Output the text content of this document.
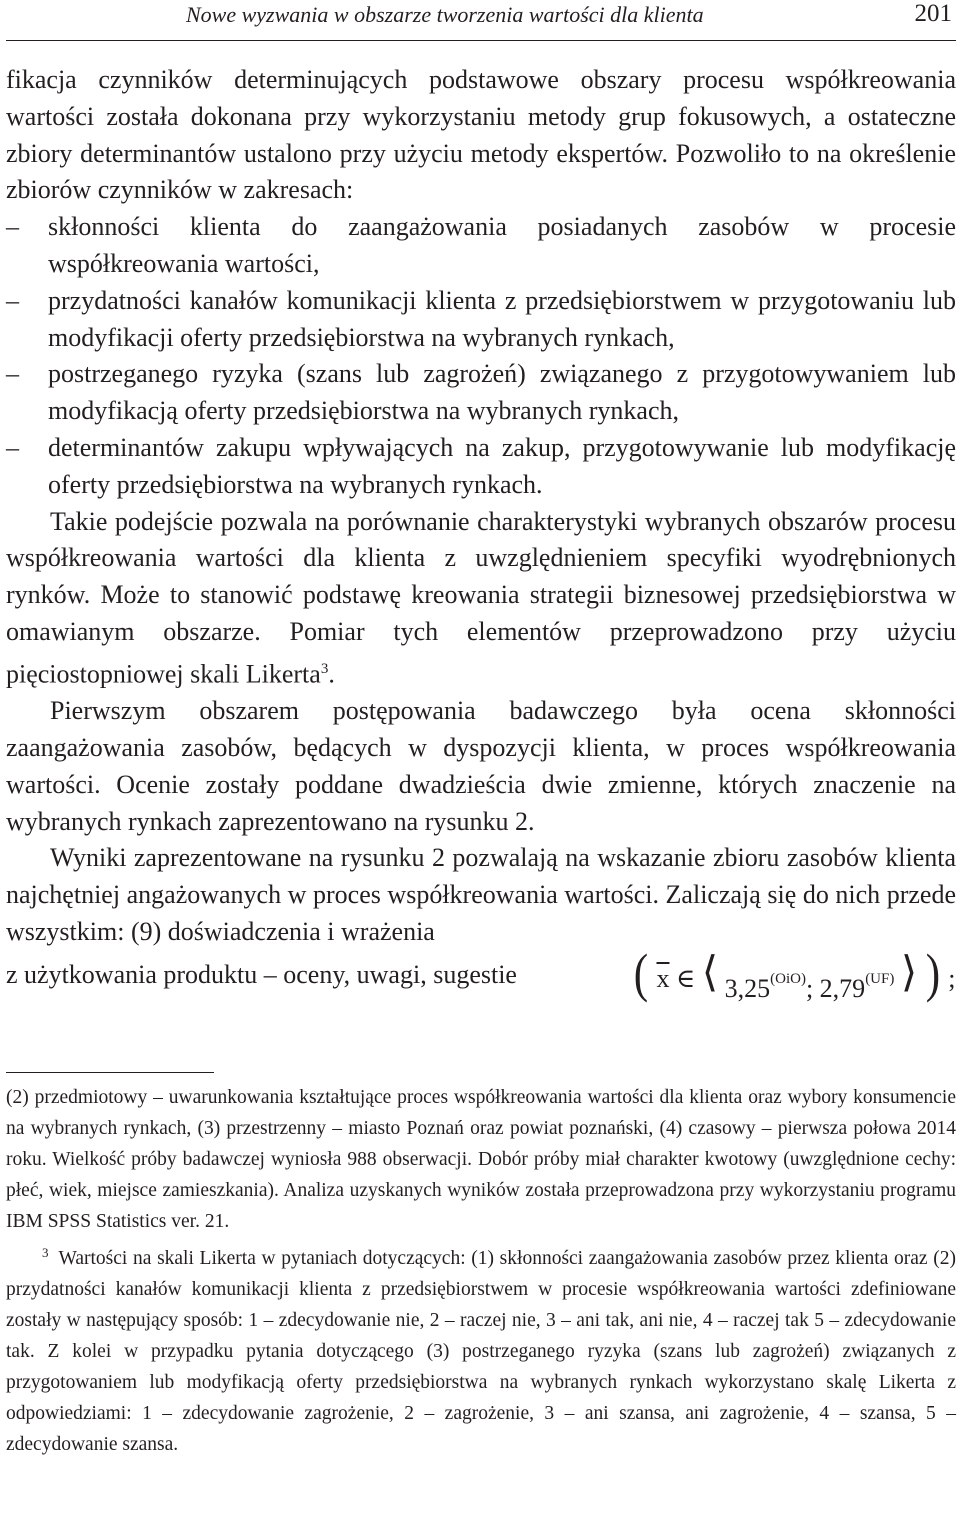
Nowe wyzwania w obszarze tworzenia wartości dla klienta	201

fikacja czynników determinujących podstawowe obszary procesu współkreowania wartości została dokonana przy wykorzystaniu metody grup fokusowych, a ostateczne zbiory determinantów ustalono przy użyciu metody ekspertów. Pozwoliło to na określenie zbiorów czynników w zakresach:

– skłonności klienta do zaangażowania posiadanych zasobów w procesie współkreowania wartości,
– przydatności kanałów komunikacji klienta z przedsiębiorstwem w przygotowaniu lub modyfikacji oferty przedsiębiorstwa na wybranych rynkach,
– postrzeganego ryzyka (szans lub zagrożeń) związanego z przygotowywaniem lub modyfikacją oferty przedsiębiorstwa na wybranych rynkach,
– determinantów zakupu wpływających na zakup, przygotowywanie lub modyfikację oferty przedsiębiorstwa na wybranych rynkach.

Takie podejście pozwala na porównanie charakterystyki wybranych obszarów procesu współkreowania wartości dla klienta z uwzględnieniem specyfiki wyodrębnionych rynków. Może to stanowić podstawę kreowania strategii biznesowej przedsiębiorstwa w omawianym obszarze. Pomiar tych elementów przeprowadzono przy użyciu pięciostopniowej skali Likerta$^3$.

Pierwszym obszarem postępowania badawczego była ocena skłonności zaangażowania zasobów, będących w dyspozycji klienta, w proces współkreowania wartości. Ocenie zostały poddane dwadzieścia dwie zmienne, których znaczenie na wybranych rynkach zaprezentowano na rysunku 2.

Wyniki zaprezentowane na rysunku 2 pozwalają na wskazanie zbioru zasobów klienta najchętniej angażowanych w proces współkreowania wartości. Zaliczają się do nich przede wszystkim: (9) doświadczenia i wrażenia

z użytkowania produktu – oceny, uwagi, sugestie ( $\overline{x}$ ∈ ⟨ $3,25^{(OiO)}$; $2,79^{(UF)}$ ⟩ ) ;

(2) przedmiotowy – uwarunkowania kształtujące proces współkreowania wartości dla klienta oraz wybory konsumencie na wybranych rynkach, (3) przestrzenny – miasto Poznań oraz powiat poznański, (4) czasowy – pierwsza połowa 2014 roku. Wielkość próby badawczej wyniosła 988 obserwacji. Dobór próby miał charakter kwotowy (uwzględnione cechy: płeć, wiek, miejsce zamieszkania). Analiza uzyskanych wyników została przeprowadzona przy wykorzystaniu programu IBM SPSS Statistics ver. 21.

$^3$ Wartości na skali Likerta w pytaniach dotyczących: (1) skłonności zaangażowania zasobów przez klienta oraz (2) przydatności kanałów komunikacji klienta z przedsiębiorstwem w procesie współkreowania wartości zdefiniowane zostały w następujący sposób: 1 – zdecydowanie nie, 2 – raczej nie, 3 – ani tak, ani nie, 4 – raczej tak 5 – zdecydowanie tak. Z kolei w przypadku pytania dotyczącego (3) postrzeganego ryzyka (szans lub zagrożeń) związanych z przygotowaniem lub modyfikacją oferty przedsiębiorstwa na wybranych rynkach wykorzystano skalę Likerta z odpowiedziami: 1 – zdecydowanie zagrożenie, 2 – zagrożenie, 3 – ani szansa, ani zagrożenie, 4 – szansa, 5 – zdecydowanie szansa.
